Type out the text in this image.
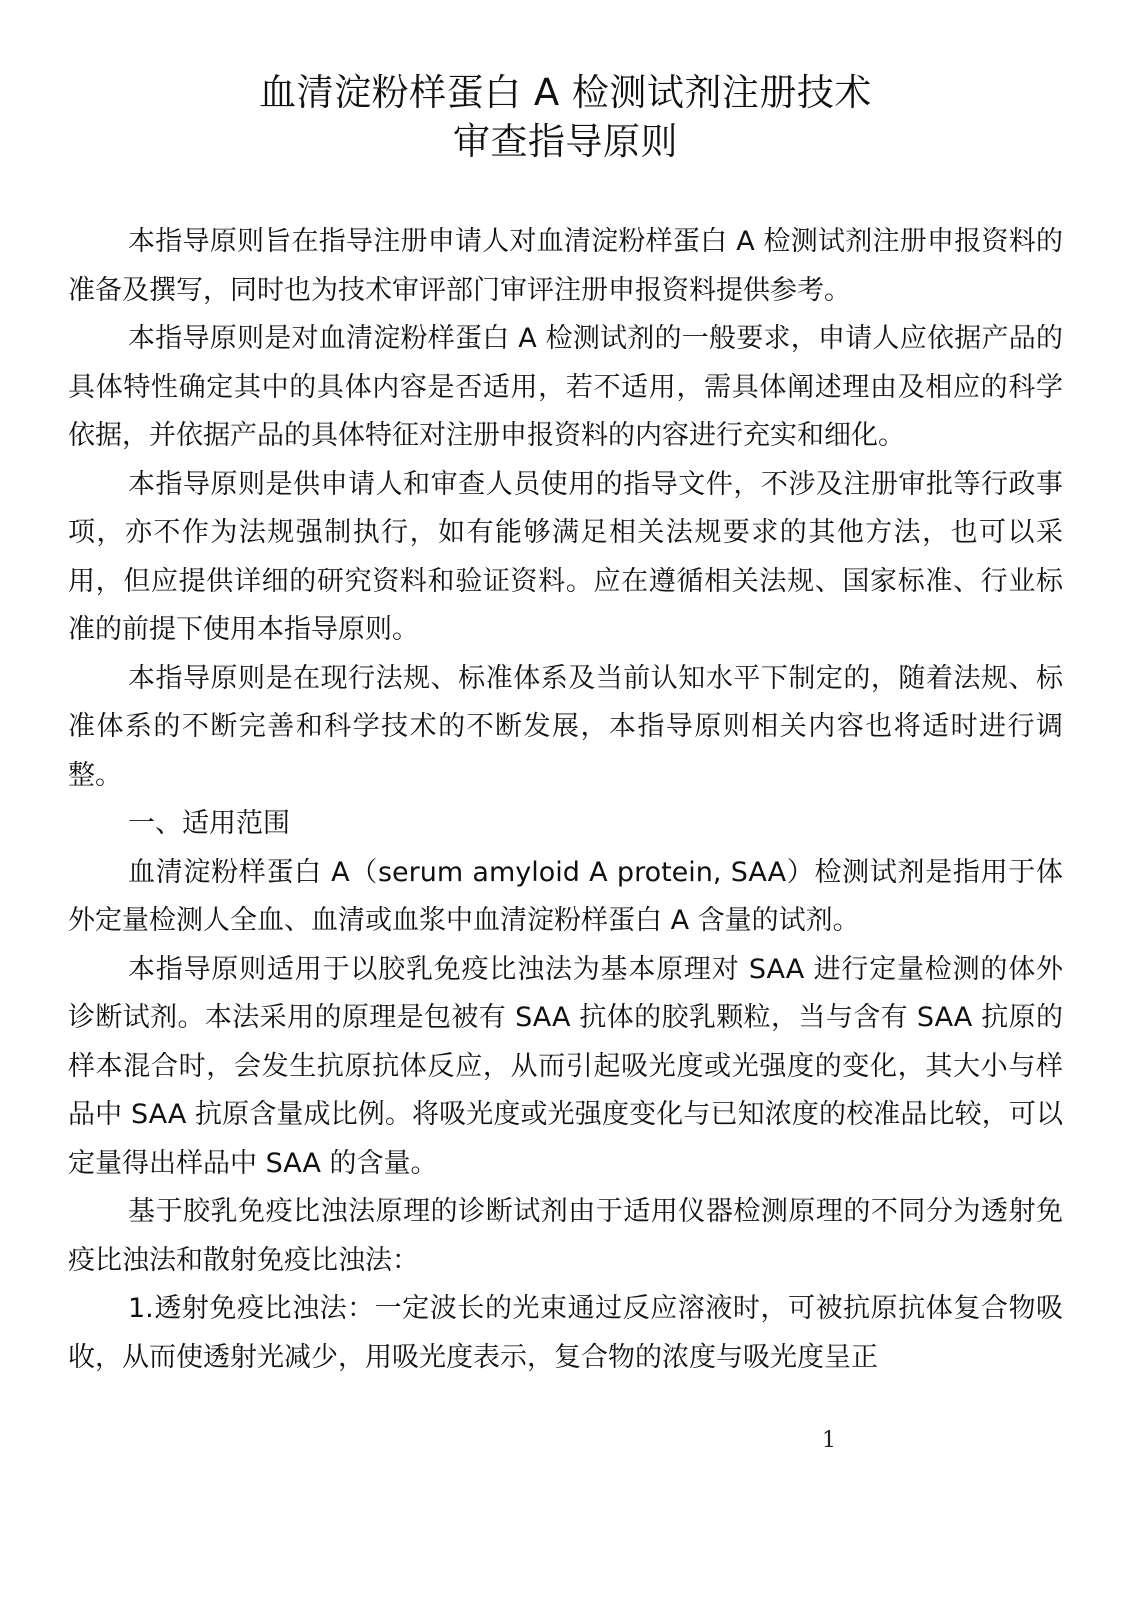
血清淀粉样蛋白 A 检测试剂注册技术
审查指导原则

本指导原则旨在指导注册申请人对血清淀粉样蛋白 A 检测试剂注册申报资料的准备及撰写，同时也为技术审评部门审评注册申报资料提供参考。

本指导原则是对血清淀粉样蛋白 A 检测试剂的一般要求，申请人应依据产品的具体特性确定其中的具体内容是否适用，若不适用，需具体阐述理由及相应的科学依据，并依据产品的具体特征对注册申报资料的内容进行充实和细化。

本指导原则是供申请人和审查人员使用的指导文件，不涉及注册审批等行政事项，亦不作为法规强制执行，如有能够满足相关法规要求的其他方法，也可以采用，但应提供详细的研究资料和验证资料。应在遵循相关法规、国家标准、行业标准的前提下使用本指导原则。

本指导原则是在现行法规、标准体系及当前认知水平下制定的，随着法规、标准体系的不断完善和科学技术的不断发展，本指导原则相关内容也将适时进行调整。

一、适用范围

血清淀粉样蛋白 A（serum amyloid A protein, SAA）检测试剂是指用于体外定量检测人全血、血清或血浆中血清淀粉样蛋白 A 含量的试剂。

本指导原则适用于以胶乳免疫比浊法为基本原理对 SAA 进行定量检测的体外诊断试剂。本法采用的原理是包被有 SAA 抗体的胶乳颗粒，当与含有 SAA 抗原的样本混合时，会发生抗原抗体反应，从而引起吸光度或光强度的变化，其大小与样品中 SAA 抗原含量成比例。将吸光度或光强度变化与已知浓度的校准品比较，可以定量得出样品中 SAA 的含量。

基于胶乳免疫比浊法原理的诊断试剂由于适用仪器检测原理的不同分为透射免疫比浊法和散射免疫比浊法：

1.透射免疫比浊法：一定波长的光束通过反应溶液时，可被抗原抗体复合物吸收，从而使透射光减少，用吸光度表示，复合物的浓度与吸光度呈正

1
